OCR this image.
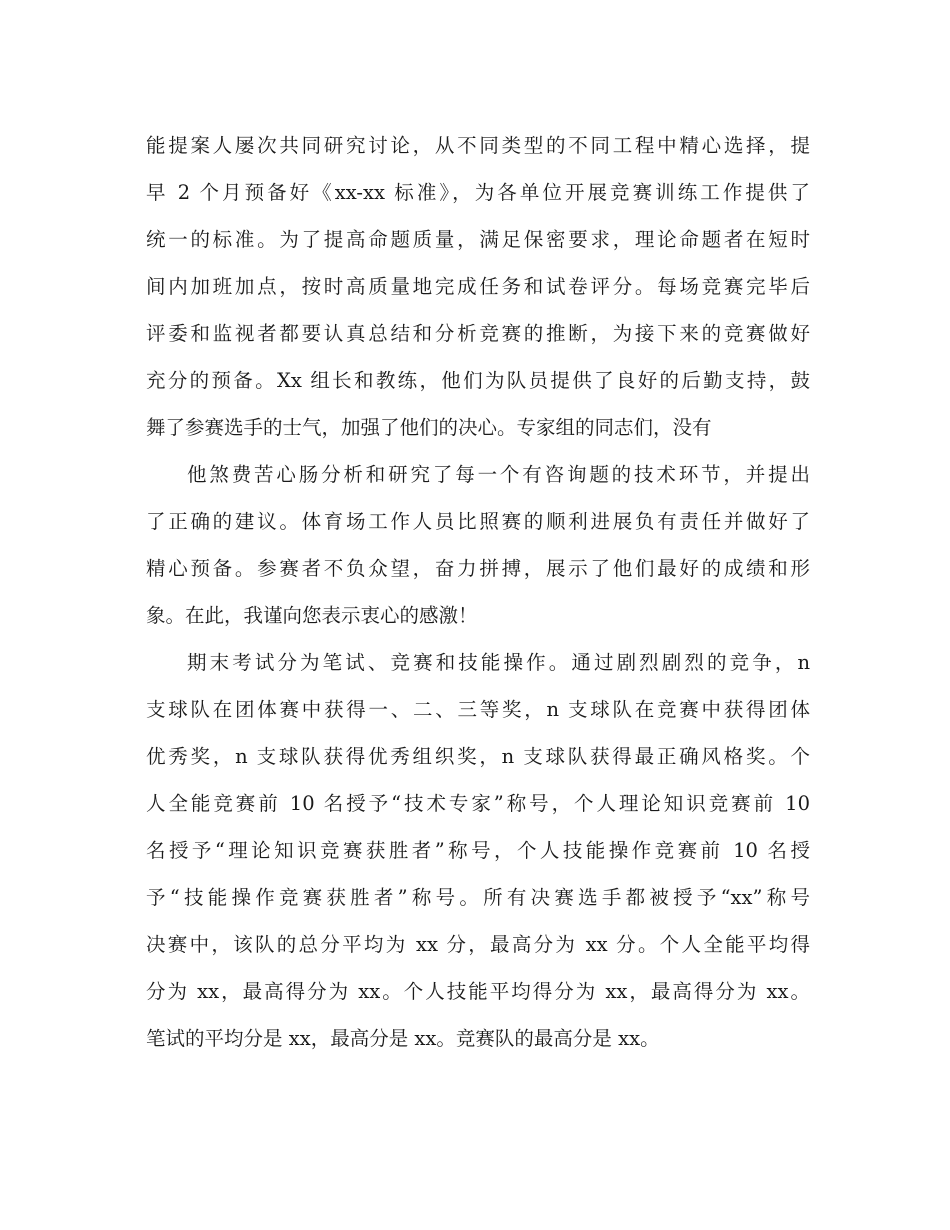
能提案人屡次共同研究讨论，从不同类型的不同工程中精心选择，提
早 2 个月预备好《xx-xx 标准》，为各单位开展竞赛训练工作提供了
统一的标准。为了提高命题质量，满足保密要求，理论命题者在短时
间内加班加点，按时高质量地完成任务和试卷评分。每场竞赛完毕后
评委和监视者都要认真总结和分析竞赛的推断，为接下来的竞赛做好
充分的预备。Xx 组长和教练，他们为队员提供了良好的后勤支持，鼓
舞了参赛选手的士气，加强了他们的决心。专家组的同志们，没有
他煞费苦心肠分析和研究了每一个有咨询题的技术环节，并提出
了正确的建议。体育场工作人员比照赛的顺利进展负有责任并做好了
精心预备。参赛者不负众望，奋力拼搏，展示了他们最好的成绩和形
象。在此，我谨向您表示衷心的感激！
期末考试分为笔试、竞赛和技能操作。通过剧烈剧烈的竞争，n
支球队在团体赛中获得一、二、三等奖，n 支球队在竞赛中获得团体
优秀奖，n 支球队获得优秀组织奖，n 支球队获得最正确风格奖。个
人全能竞赛前 10 名授予“技术专家”称号，个人理论知识竞赛前 10
名授予“理论知识竞赛获胜者”称号，个人技能操作竞赛前 10 名授
予“技能操作竞赛获胜者”称号。所有决赛选手都被授予“xx”称号
决赛中，该队的总分平均为 xx 分，最高分为 xx 分。个人全能平均得
分为 xx，最高得分为 xx。个人技能平均得分为 xx，最高得分为 xx。
笔试的平均分是 xx，最高分是 xx。竞赛队的最高分是 xx。
